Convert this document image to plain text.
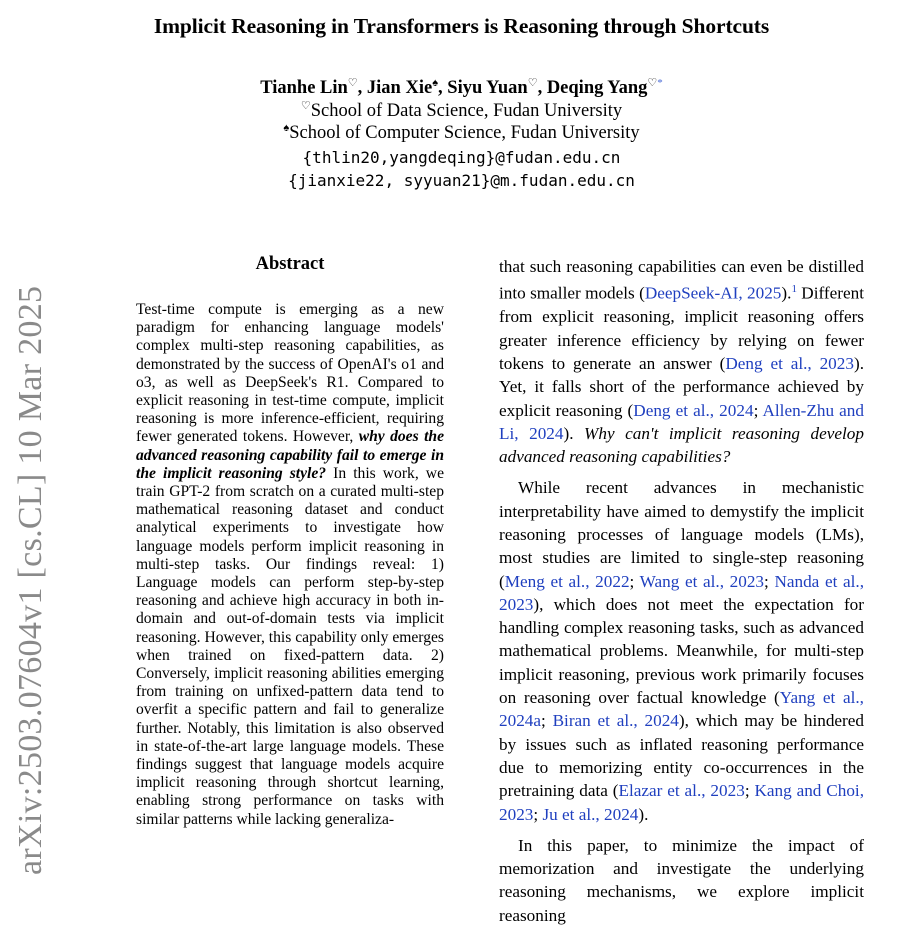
Implicit Reasoning in Transformers is Reasoning through Shortcuts
Tianhe Lin♡, Jian Xie♠, Siyu Yuan♡, Deqing Yang♡*
♡School of Data Science, Fudan University
♠School of Computer Science, Fudan University
{thlin20,yangdeqing}@fudan.edu.cn
{jianxie22, syyuan21}@m.fudan.edu.cn
arXiv:2503.07604v1 [cs.CL] 10 Mar 2025
Abstract
Test-time compute is emerging as a new paradigm for enhancing language models' complex multi-step reasoning capabilities, as demonstrated by the success of OpenAI's o1 and o3, as well as DeepSeek's R1. Compared to explicit reasoning in test-time compute, implicit reasoning is more inference-efficient, requiring fewer generated tokens. However, why does the advanced reasoning capability fail to emerge in the implicit reasoning style? In this work, we train GPT-2 from scratch on a curated multi-step mathematical reasoning dataset and conduct analytical experiments to investigate how language models perform implicit reasoning in multi-step tasks. Our findings reveal: 1) Language models can perform step-by-step reasoning and achieve high accuracy in both in-domain and out-of-domain tests via implicit reasoning. However, this capability only emerges when trained on fixed-pattern data. 2) Conversely, implicit reasoning abilities emerging from training on unfixed-pattern data tend to overfit a specific pattern and fail to generalize further. Notably, this limitation is also observed in state-of-the-art large language models. These findings suggest that language models acquire implicit reasoning through shortcut learning, enabling strong performance on tasks with similar patterns while lacking generaliza-

that such reasoning capabilities can even be distilled into smaller models (DeepSeek-AI, 2025).$^1$ Different from explicit reasoning, implicit reasoning offers greater inference efficiency by relying on fewer tokens to generate an answer (Deng et al., 2023). Yet, it falls short of the performance achieved by explicit reasoning (Deng et al., 2024; Allen-Zhu and Li, 2024). Why can't implicit reasoning develop advanced reasoning capabilities?

While recent advances in mechanistic interpretability have aimed to demystify the implicit reasoning processes of language models (LMs), most studies are limited to single-step reasoning (Meng et al., 2022; Wang et al., 2023; Nanda et al., 2023), which does not meet the expectation for handling complex reasoning tasks, such as advanced mathematical problems. Meanwhile, for multi-step implicit reasoning, previous work primarily focuses on reasoning over factual knowledge (Yang et al., 2024a; Biran et al., 2024), which may be hindered by issues such as inflated reasoning performance due to memorizing entity co-occurrences in the pretraining data (Elazar et al., 2023; Kang and Choi, 2023; Ju et al., 2024).

In this paper, to minimize the impact of memorization and investigate the underlying reasoning mechanisms, we explore implicit reasoning
